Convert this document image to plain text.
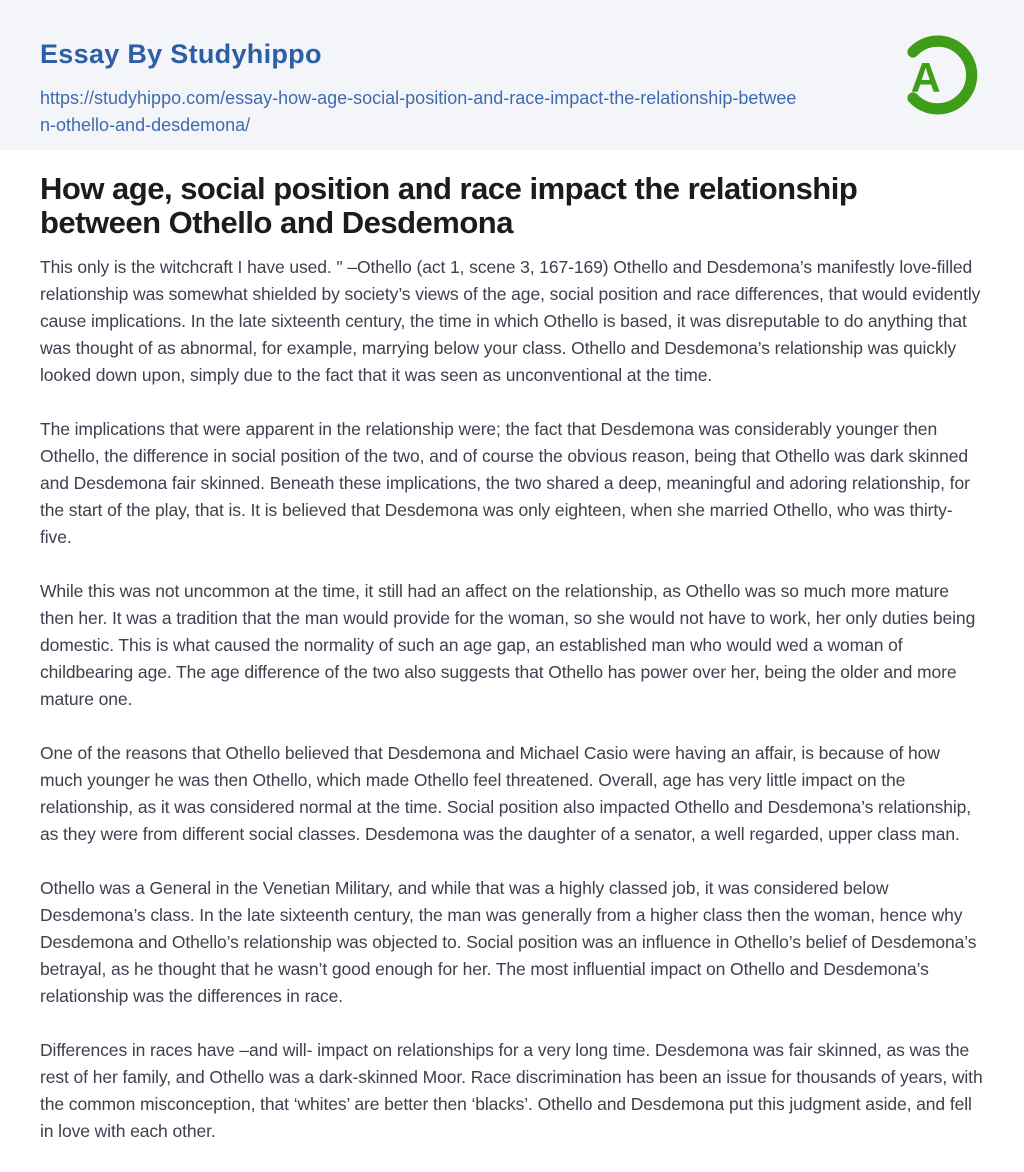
Essay By Studyhippo
https://studyhippo.com/essay-how-age-social-position-and-race-impact-the-relationship-between-othello-and-desdemona/
A
How age, social position and race impact the relationship between Othello and Desdemona

This only is the witchcraft I have used. " –Othello (act 1, scene 3, 167-169) Othello and Desdemona’s manifestly love-filled relationship was somewhat shielded by society’s views of the age, social position and race differences, that would evidently cause implications. In the late sixteenth century, the time in which Othello is based, it was disreputable to do anything that was thought of as abnormal, for example, marrying below your class. Othello and Desdemona’s relationship was quickly looked down upon, simply due to the fact that it was seen as unconventional at the time.

The implications that were apparent in the relationship were; the fact that Desdemona was considerably younger then Othello, the difference in social position of the two, and of course the obvious reason, being that Othello was dark skinned and Desdemona fair skinned. Beneath these implications, the two shared a deep, meaningful and adoring relationship, for the start of the play, that is. It is believed that Desdemona was only eighteen, when she married Othello, who was thirty-five.

While this was not uncommon at the time, it still had an affect on the relationship, as Othello was so much more mature then her. It was a tradition that the man would provide for the woman, so she would not have to work, her only duties being domestic. This is what caused the normality of such an age gap, an established man who would wed a woman of childbearing age. The age difference of the two also suggests that Othello has power over her, being the older and more mature one.

One of the reasons that Othello believed that Desdemona and Michael Casio were having an affair, is because of how much younger he was then Othello, which made Othello feel threatened. Overall, age has very little impact on the relationship, as it was considered normal at the time. Social position also impacted Othello and Desdemona’s relationship, as they were from different social classes. Desdemona was the daughter of a senator, a well regarded, upper class man.

Othello was a General in the Venetian Military, and while that was a highly classed job, it was considered below Desdemona’s class. In the late sixteenth century, the man was generally from a higher class then the woman, hence why Desdemona and Othello’s relationship was objected to. Social position was an influence in Othello’s belief of Desdemona’s betrayal, as he thought that he wasn’t good enough for her. The most influential impact on Othello and Desdemona’s relationship was the differences in race.

Differences in races have –and will- impact on relationships for a very long time. Desdemona was fair skinned, as was the rest of her family, and Othello was a dark-skinned Moor. Race discrimination has been an issue for thousands of years, with the common misconception, that ‘whites’ are better then ‘blacks’. Othello and Desdemona put this judgment aside, and fell in love with each other.
